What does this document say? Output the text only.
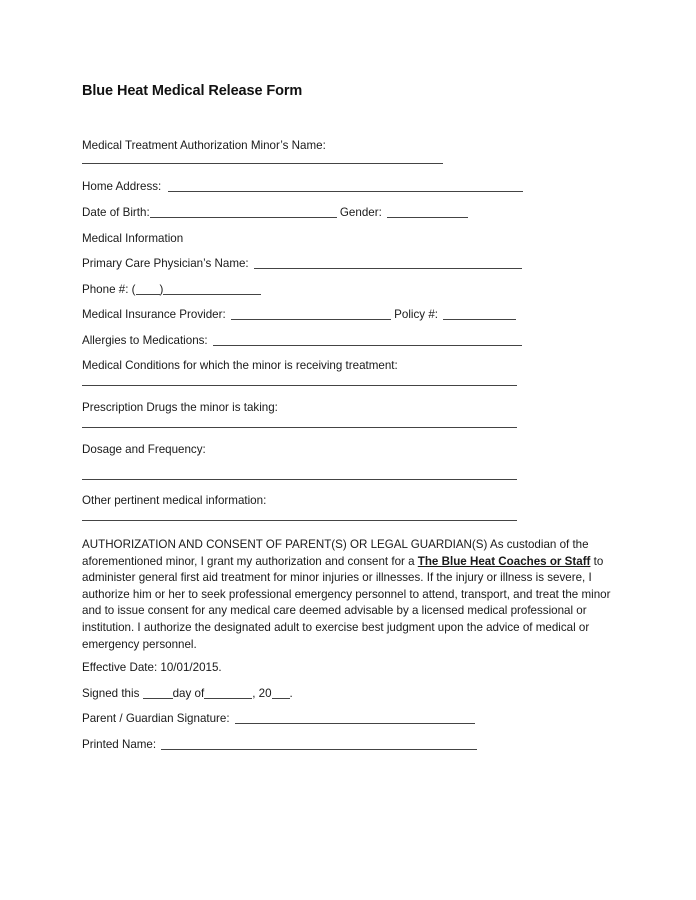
Blue Heat Medical Release Form
Medical Treatment Authorization Minor’s Name:
Home Address:
Date of Birth:	Gender:
Medical Information
Primary Care Physician’s Name:
Phone #: ( )
Medical Insurance Provider:	Policy #:
Allergies to Medications:
Medical Conditions for which the minor is receiving treatment:
Prescription Drugs the minor is taking:
Dosage and Frequency:
Other pertinent medical information:
AUTHORIZATION AND CONSENT OF PARENT(S) OR LEGAL GUARDIAN(S) As custodian of the aforementioned minor, I grant my authorization and consent for a The Blue Heat Coaches or Staff to administer general first aid treatment for minor injuries or illnesses. If the injury or illness is severe, I authorize him or her to seek professional emergency personnel to attend, transport, and treat the minor and to issue consent for any medical care deemed advisable by a licensed medical professional or institution. I authorize the designated adult to exercise best judgment upon the advice of medical or emergency personnel.
Effective Date: 10/01/2015.
Signed this	day of	, 20 .
Parent / Guardian Signature:
Printed Name:
